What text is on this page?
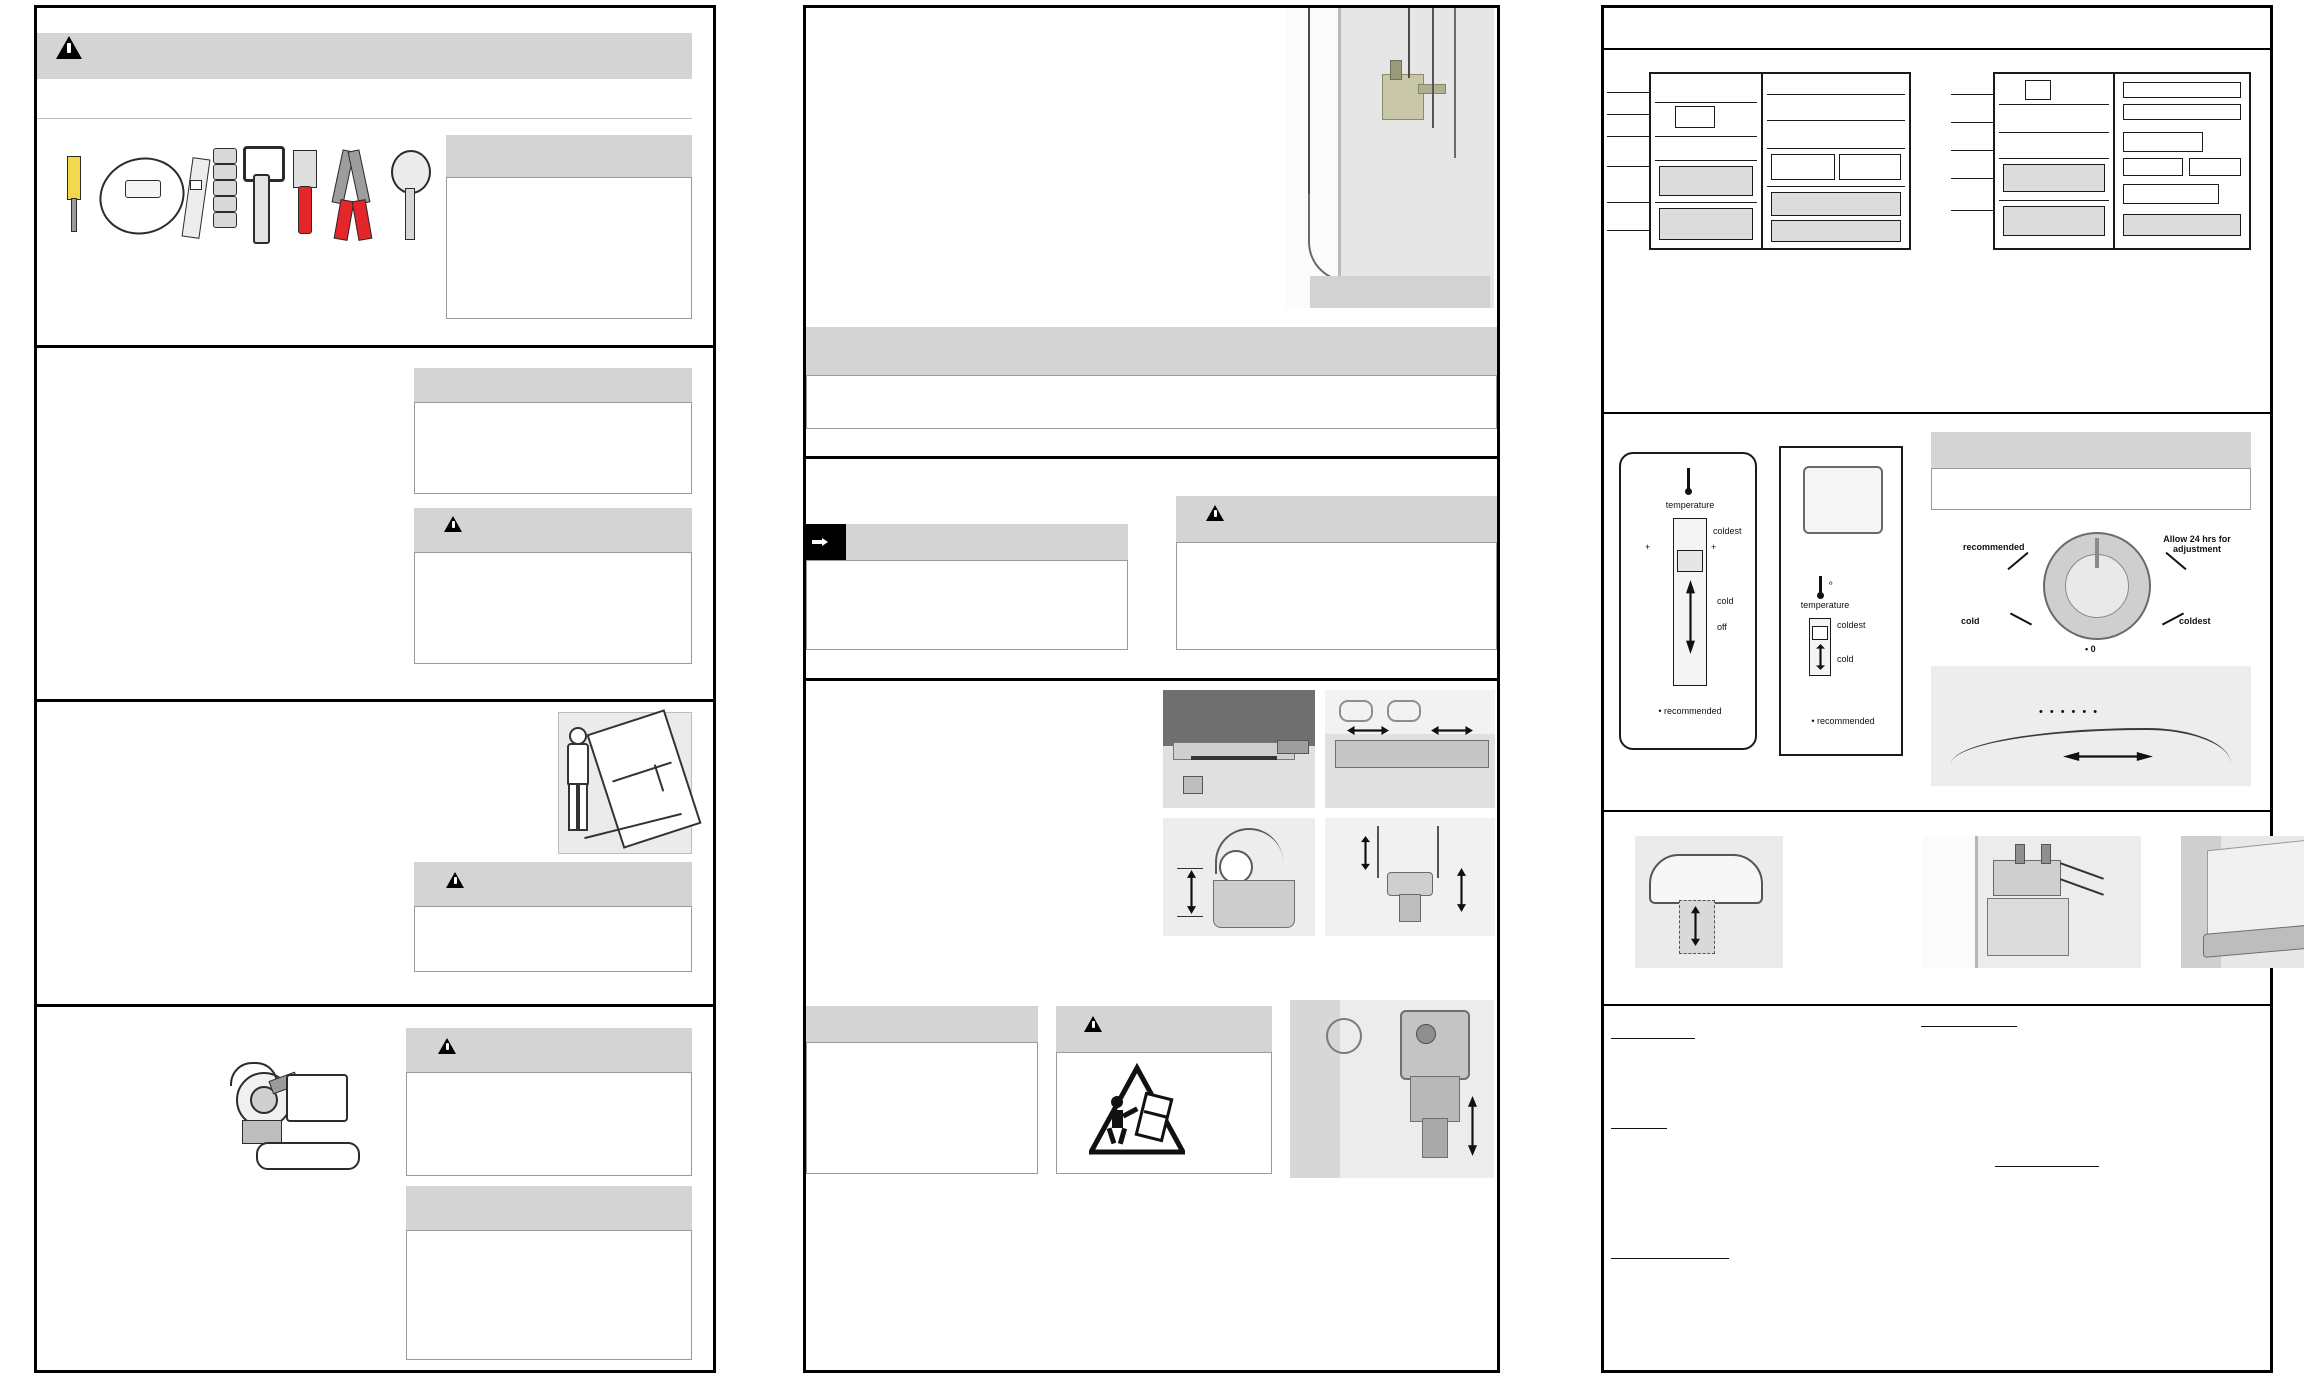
temperature
coldest
cold
off
+	+
• recommended
⚬
temperature
coldest
cold
• recommended
recommended
Allow 24 hrs for adjustment
cold	coldest
• 0
••••••
